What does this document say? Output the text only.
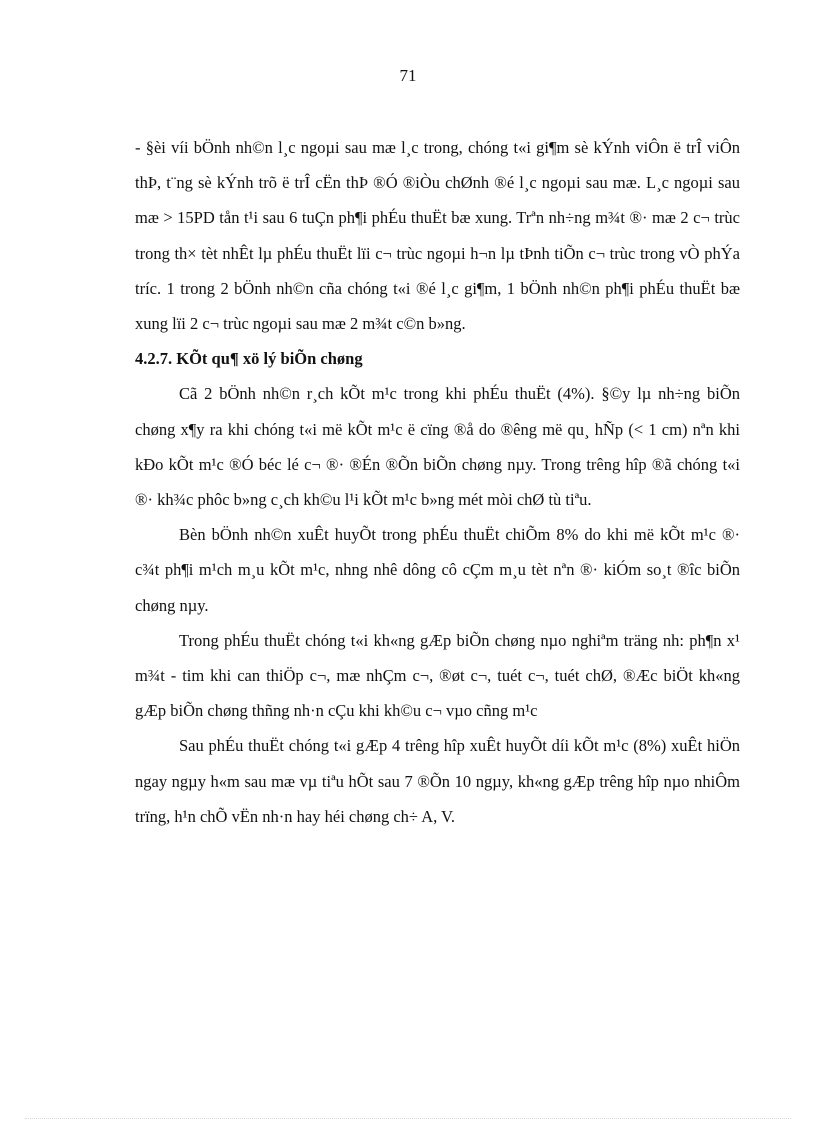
71

- §èi víi bÖnh nh©n l¸c ngoµi sau mæ l¸c trong, chóng t«i gi¶m sè kÝnh viÔn ë trÎ viÔn thÞ, t¨ng sè kÝnh trõ ë trÎ cËn thÞ ®Ó ®iÒu chØnh ®é l¸c ngoµi sau mæ. L¸c ngoµi sau mæ > 15PD tån t¹i sau 6 tuÇn ph¶i phÉu thuËt bæ xung. Trªn nh÷ng m¾t ®· mæ 2 c¬ trùc trong th× tèt nhÊt lµ phÉu thuËt lïi c¬ trùc ngoµi h¬n lµ tÞnh tiÕn c¬ trùc trong vÒ phÝa tríc. 1 trong 2 bÖnh nh©n cña chóng t«i ®é l¸c gi¶m, 1 bÖnh nh©n ph¶i phÉu thuËt bæ xung lïi 2 c¬ trùc ngoµi sau mæ 2 m¾t c©n b»ng.

4.2.7. KÕt qu¶ xö lý biÕn chøng

Cã 2 bÖnh nh©n r¸ch kÕt m¹c trong khi phÉu thuËt (4%). §©y lµ nh÷ng biÕn chøng x¶y ra khi chóng t«i më kÕt m¹c ë cïng ®å do ®êng më qu¸ hÑp (< 1 cm) nªn khi kÐo kÕt m¹c ®Ó béc lé c¬ ®· ®Én ®Õn biÕn chøng nµy. Trong trêng hîp ®ã chóng t«i ®· kh¾c phôc b»ng c¸ch kh©u l¹i kÕt m¹c b»ng mét mòi chØ tù tiªu.

Bèn bÖnh nh©n xuÊt huyÕt trong phÉu thuËt chiÕm 8% do khi më kÕt m¹c ®· c¾t ph¶i m¹ch m¸u kÕt m¹c, nhng nhê dông cô cÇm m¸u tèt nªn ®· kiÓm so¸t ®îc biÕn chøng nµy.

Trong phÉu thuËt chóng t«i kh«ng gÆp biÕn chøng nµo nghiªm träng nh: ph¶n x¹ m¾t - tim khi can thiÖp c¬, mæ nhÇm c¬, ®øt c¬, tuét c¬, tuét chØ, ®Æc biÖt kh«ng gÆp biÕn chøng thñng nh·n cÇu khi kh©u c¬ vµo cñng m¹c

Sau phÉu thuËt chóng t«i gÆp 4 trêng hîp xuÊt huyÕt díi kÕt m¹c (8%) xuÊt hiÖn ngay ngµy h«m sau mæ vµ tiªu hÕt sau 7 ®Õn 10 ngµy, kh«ng gÆp trêng hîp nµo nhiÔm trïng, h¹n chÕ vËn nh·n hay héi chøng ch÷ A, V.
